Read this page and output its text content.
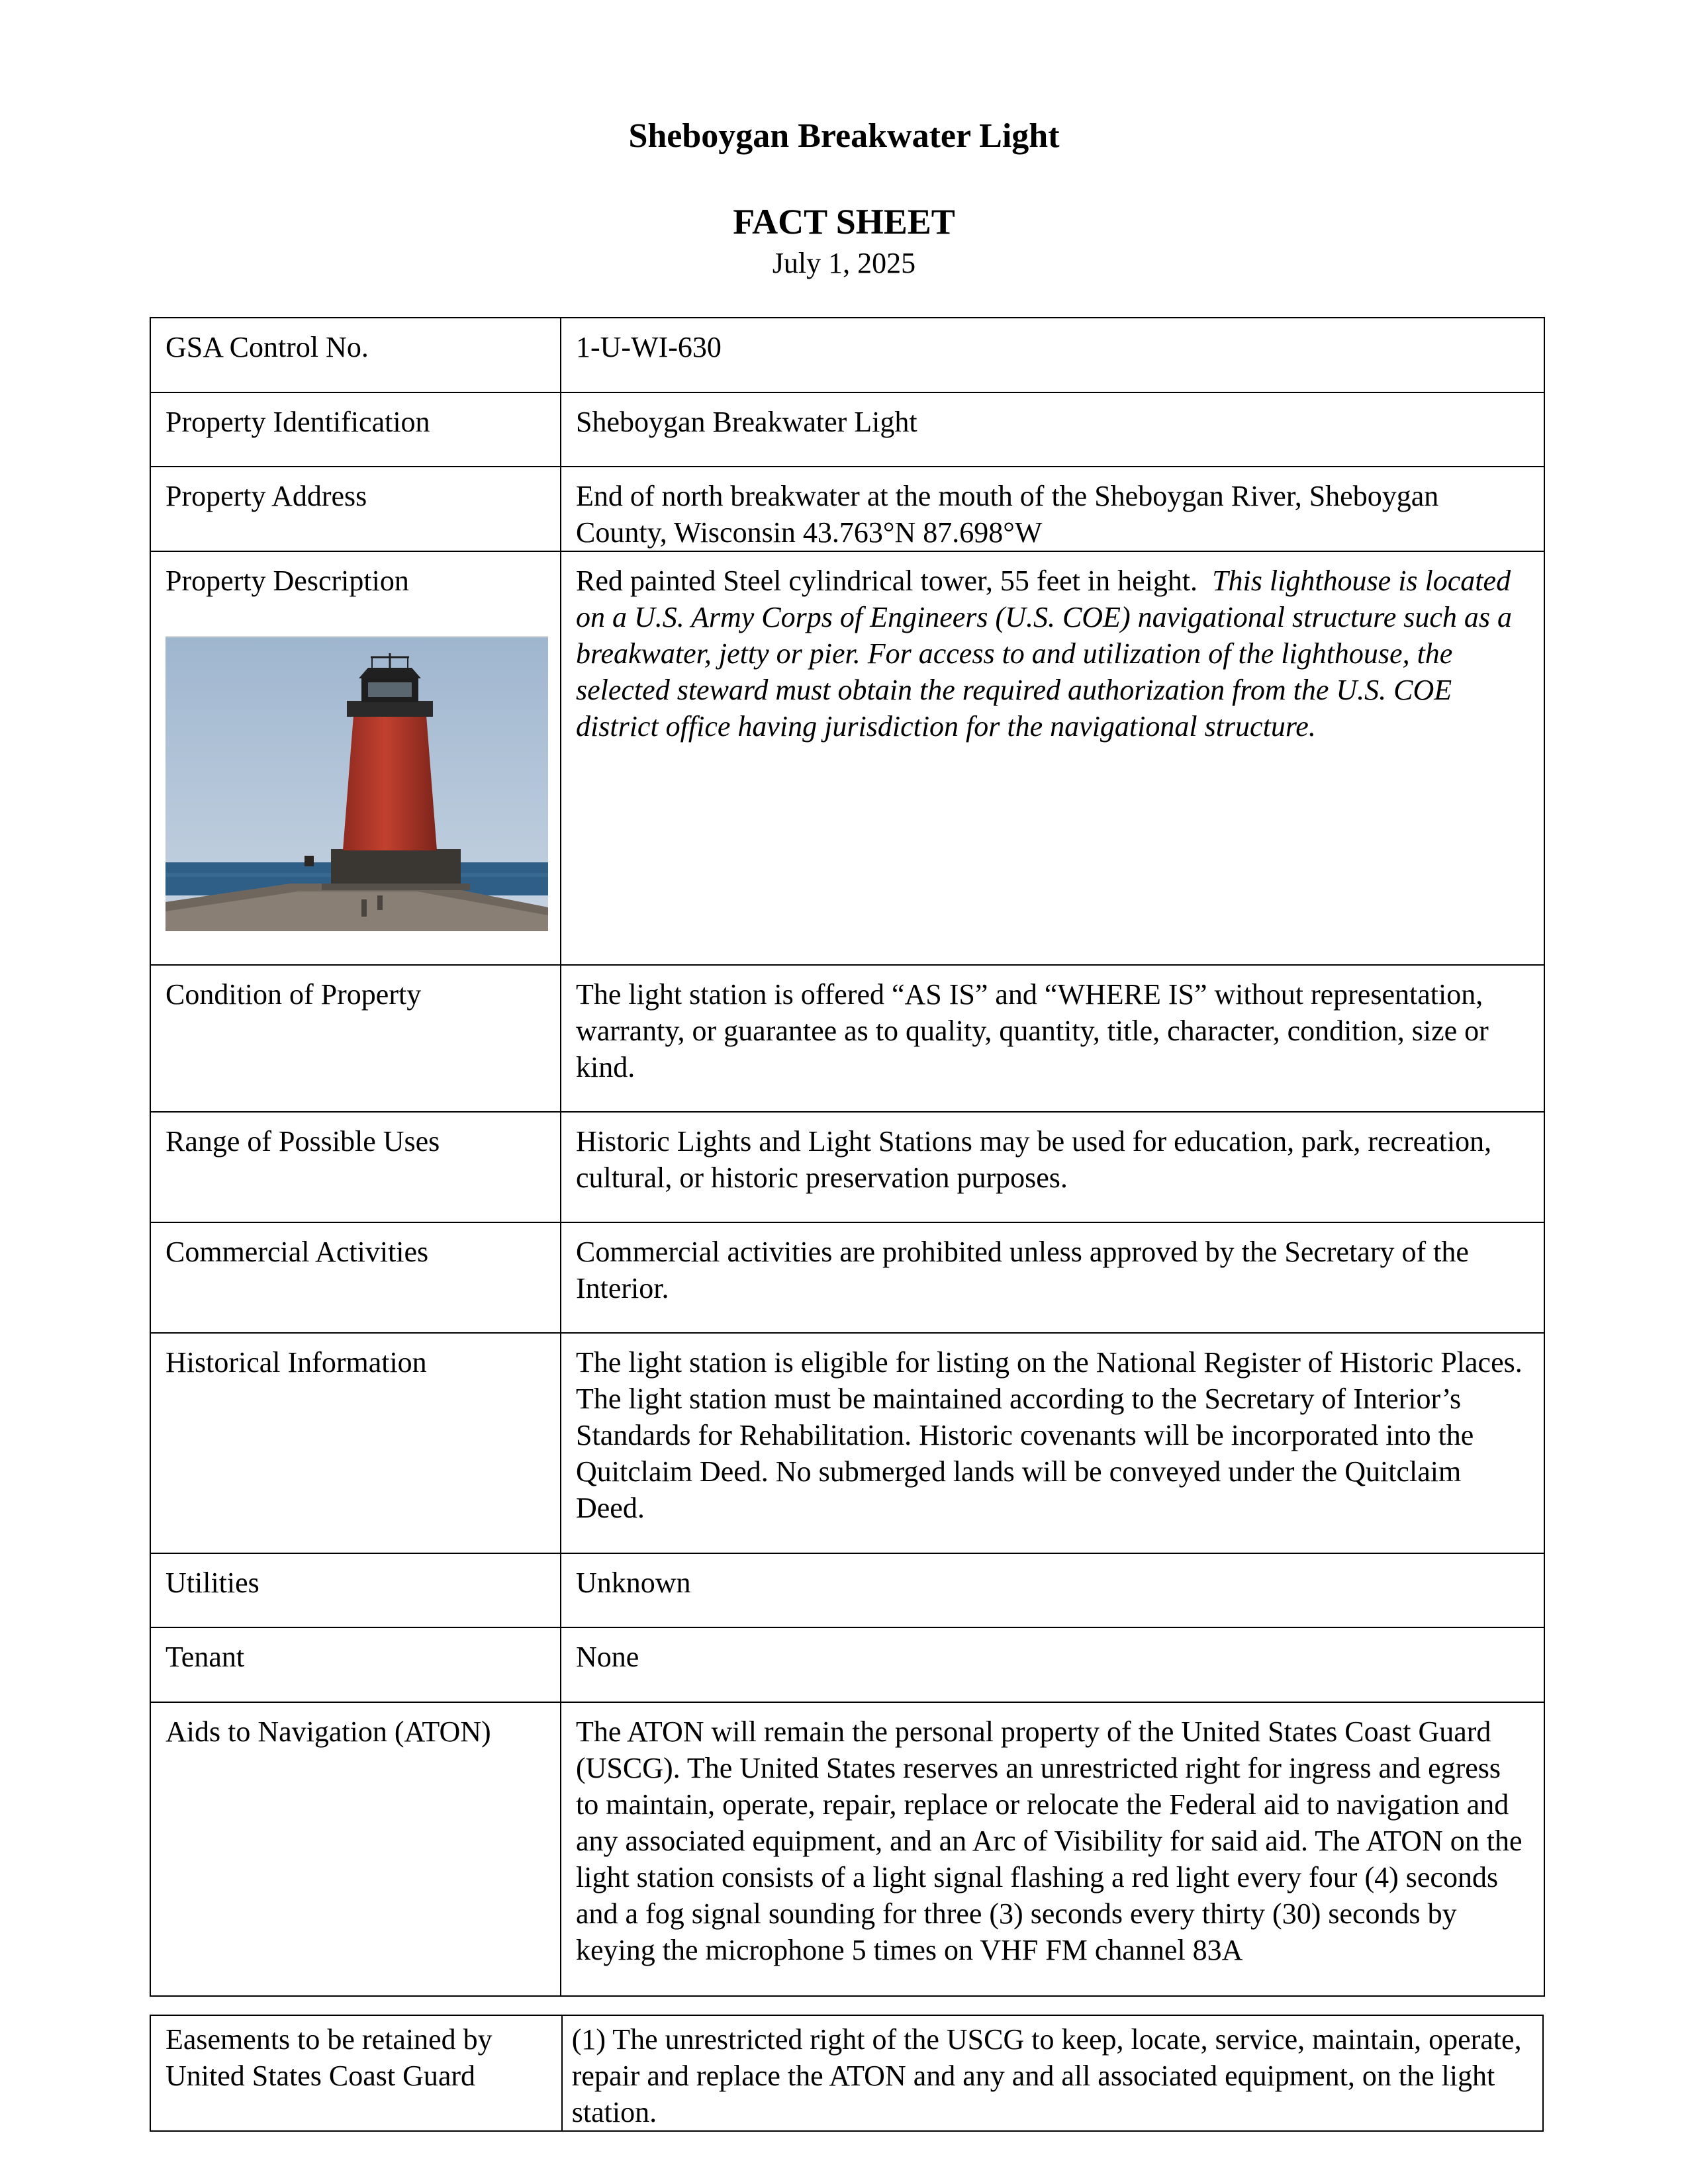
Sheboygan Breakwater Light
FACT SHEET
July 1, 2025
GSA Control No.	1-U-WI-630
Property Identification	Sheboygan Breakwater Light
Property Address	End of north breakwater at the mouth of the Sheboygan River, Sheboygan County, Wisconsin 43.763°N 87.698°W

Property Description	Red painted Steel cylindrical tower, 55 feet in height. This lighthouse is located on a U.S. Army Corps of Engineers (U.S. COE) navigational structure such as a breakwater, jetty or pier. For access to and utilization of the lighthouse, the selected steward must obtain the required authorization from the U.S. COE district office having jurisdiction for the navigational structure.

Condition of Property	The light station is offered “AS IS” and “WHERE IS” without representation, warranty, or guarantee as to quality, quantity, title, character, condition, size or kind.
Range of Possible Uses	Historic Lights and Light Stations may be used for education, park, recreation, cultural, or historic preservation purposes.
Commercial Activities	Commercial activities are prohibited unless approved by the Secretary of the Interior.
Historical Information	The light station is eligible for listing on the National Register of Historic Places. The light station must be maintained according to the Secretary of Interior’s Standards for Rehabilitation. Historic covenants will be incorporated into the Quitclaim Deed. No submerged lands will be conveyed under the Quitclaim Deed.
Utilities	Unknown
Tenant	None
Aids to Navigation (ATON)	The ATON will remain the personal property of the United States Coast Guard (USCG). The United States reserves an unrestricted right for ingress and egress to maintain, operate, repair, replace or relocate the Federal aid to navigation and any associated equipment, and an Arc of Visibility for said aid. The ATON on the light station consists of a light signal flashing a red light every four (4) seconds and a fog signal sounding for three (3) seconds every thirty (30) seconds by keying the microphone 5 times on VHF FM channel 83A
Easements to be retained by United States Coast Guard	(1) The unrestricted right of the USCG to keep, locate, service, maintain, operate, repair and replace the ATON and any and all associated equipment, on the light station.
